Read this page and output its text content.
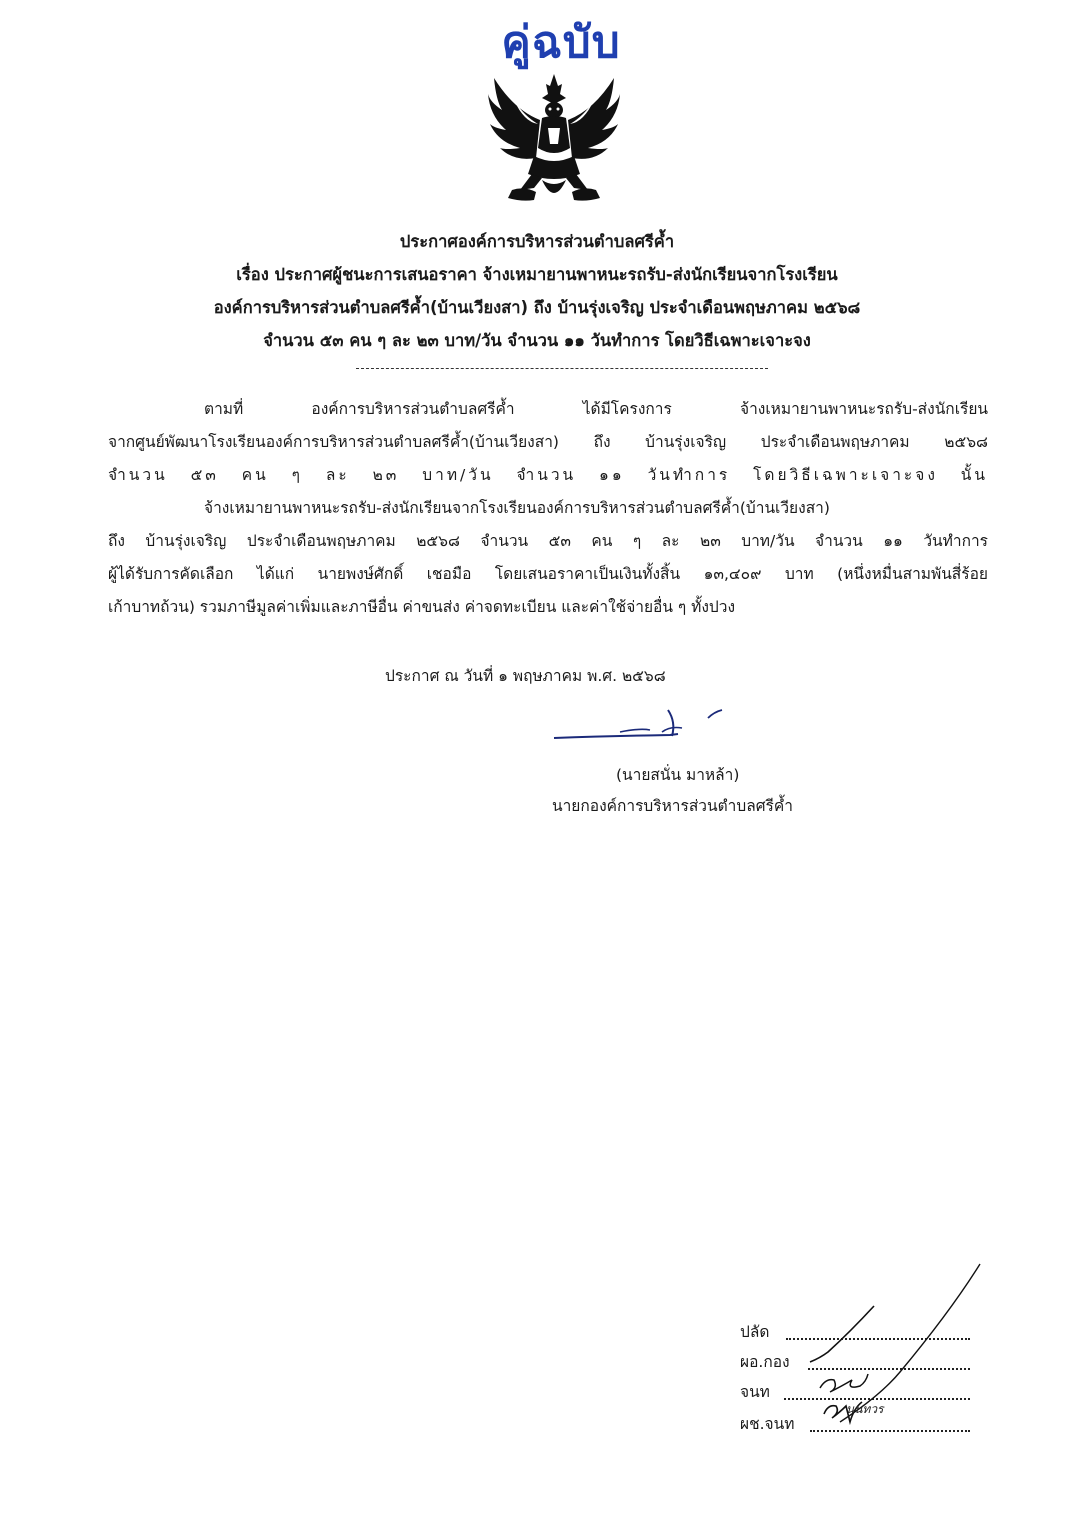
คู่ฉบับ
ประกาศองค์การบริหารส่วนตำบลศรีค้ำ
เรื่อง ประกาศผู้ชนะการเสนอราคา จ้างเหมายานพาหนะรถรับ-ส่งนักเรียนจากโรงเรียน
องค์การบริหารส่วนตำบลศรีค้ำ(บ้านเวียงสา) ถึง บ้านรุ่งเจริญ ประจำเดือนพฤษภาคม ๒๕๖๘
จำนวน ๕๓ คน ๆ ละ ๒๓ บาท/วัน จำนวน ๑๑ วันทำการ โดยวิธีเฉพาะเจาะจง
ตามที่ องค์การบริหารส่วนตำบลศรีค้ำ ได้มีโครงการ จ้างเหมายานพาหนะรถรับ-ส่งนักเรียน
จากศูนย์พัฒนาโรงเรียนองค์การบริหารส่วนตำบลศรีค้ำ(บ้านเวียงสา) ถึง บ้านรุ่งเจริญ ประจำเดือนพฤษภาคม ๒๕๖๘
จำนวน ๕๓ คน ๆ ละ ๒๓ บาท/วัน จำนวน ๑๑ วันทำการ โดยวิธีเฉพาะเจาะจง นั้น
จ้างเหมายานพาหนะรถรับ-ส่งนักเรียนจากโรงเรียนองค์การบริหารส่วนตำบลศรีค้ำ(บ้านเวียงสา)
ถึง บ้านรุ่งเจริญ ประจำเดือนพฤษภาคม ๒๕๖๘ จำนวน ๕๓ คน ๆ ละ ๒๓ บาท/วัน จำนวน ๑๑ วันทำการ
ผู้ได้รับการคัดเลือก ได้แก่ นายพงษ์ศักดิ์ เชอมือ โดยเสนอราคาเป็นเงินทั้งสิ้น ๑๓,๔๐๙ บาท (หนึ่งหมื่นสามพันสี่ร้อย
เก้าบาทถ้วน) รวมภาษีมูลค่าเพิ่มและภาษีอื่น ค่าขนส่ง ค่าจดทะเบียน และค่าใช้จ่ายอื่น ๆ ทั้งปวง
ประกาศ ณ วันที่ ๑ พฤษภาคม พ.ศ. ๒๕๖๘
(นายสนั่น มาหล้า)
นายกองค์การบริหารส่วนตำบลศรีค้ำ
ปลัด
ผอ.กอง
จนท
ผช.จนท
นนทวร
